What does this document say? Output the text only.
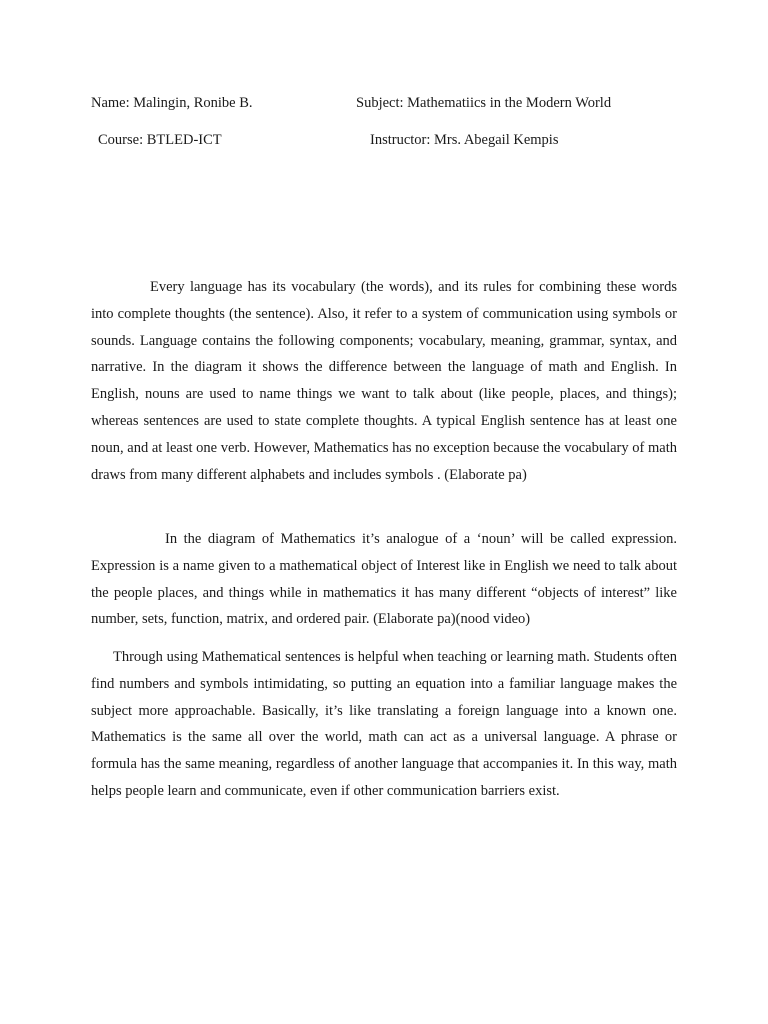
Name: Malingin, Ronibe B.	Subject: Mathematiics in the Modern World
Course: BTLED-ICT	Instructor: Mrs. Abegail Kempis

Every language has its vocabulary (the words), and its rules for combining these words into complete thoughts (the sentence). Also, it refer to a system of communication using symbols or sounds. Language contains the following components; vocabulary, meaning, grammar, syntax, and narrative. In the diagram it shows the difference between the language of math and English. In English, nouns are used to name things we want to talk about (like people, places, and things); whereas sentences are used to state complete thoughts. A typical English sentence has at least one noun, and at least one verb. However, Mathematics has no exception because the vocabulary of math draws from many different alphabets and includes symbols . (Elaborate pa)

In the diagram of Mathematics it’s analogue of a ‘noun’ will be called expression. Expression is a name given to a mathematical object of Interest like in English we need to talk about the people places, and things while in mathematics it has many different “objects of interest” like number, sets, function, matrix, and ordered pair. (Elaborate pa)(nood video)

Through using Mathematical sentences is helpful when teaching or learning math. Students often find numbers and symbols intimidating, so putting an equation into a familiar language makes the subject more approachable. Basically, it’s like translating a foreign language into a known one. Mathematics is the same all over the world, math can act as a universal language. A phrase or formula has the same meaning, regardless of another language that accompanies it. In this way, math helps people learn and communicate, even if other communication barriers exist.
